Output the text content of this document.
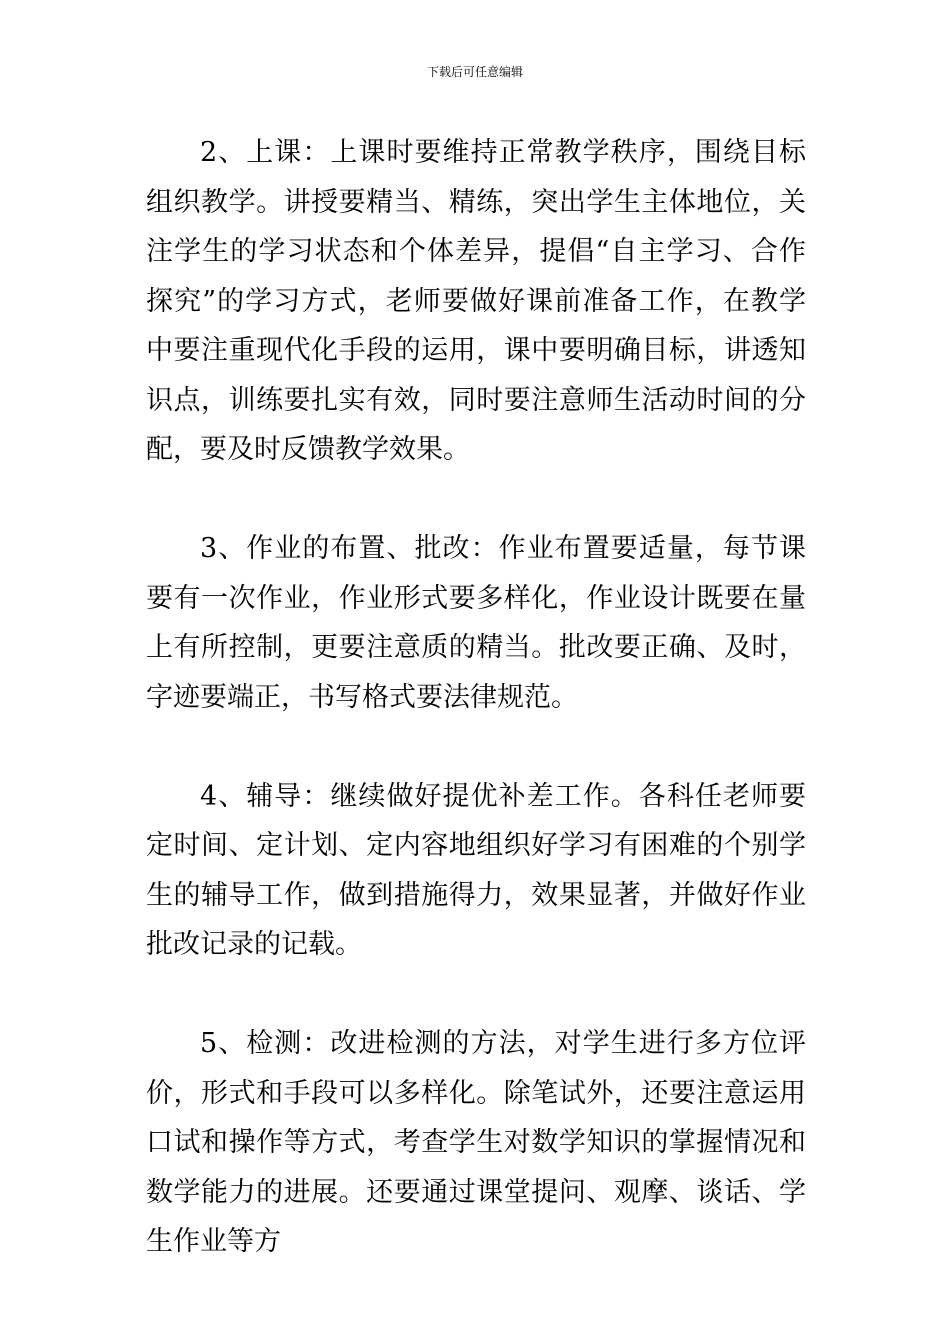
下载后可任意编辑

2、上课：上课时要维持正常教学秩序，围绕目标组织教学。讲授要精当、精练，突出学生主体地位，关注学生的学习状态和个体差异，提倡“自主学习、合作探究”的学习方式，老师要做好课前准备工作，在教学中要注重现代化手段的运用，课中要明确目标，讲透知识点，训练要扎实有效，同时要注意师生活动时间的分配，要及时反馈教学效果。

3、作业的布置、批改：作业布置要适量，每节课要有一次作业，作业形式要多样化，作业设计既要在量上有所控制，更要注意质的精当。批改要正确、及时，字迹要端正，书写格式要法律规范。

4、辅导：继续做好提优补差工作。各科任老师要定时间、定计划、定内容地组织好学习有困难的个别学生的辅导工作，做到措施得力，效果显著，并做好作业批改记录的记载。

5、检测：改进检测的方法，对学生进行多方位评价，形式和手段可以多样化。除笔试外，还要注意运用口试和操作等方式，考查学生对数学知识的掌握情况和数学能力的进展。还要通过课堂提问、观摩、谈话、学生作业等方
